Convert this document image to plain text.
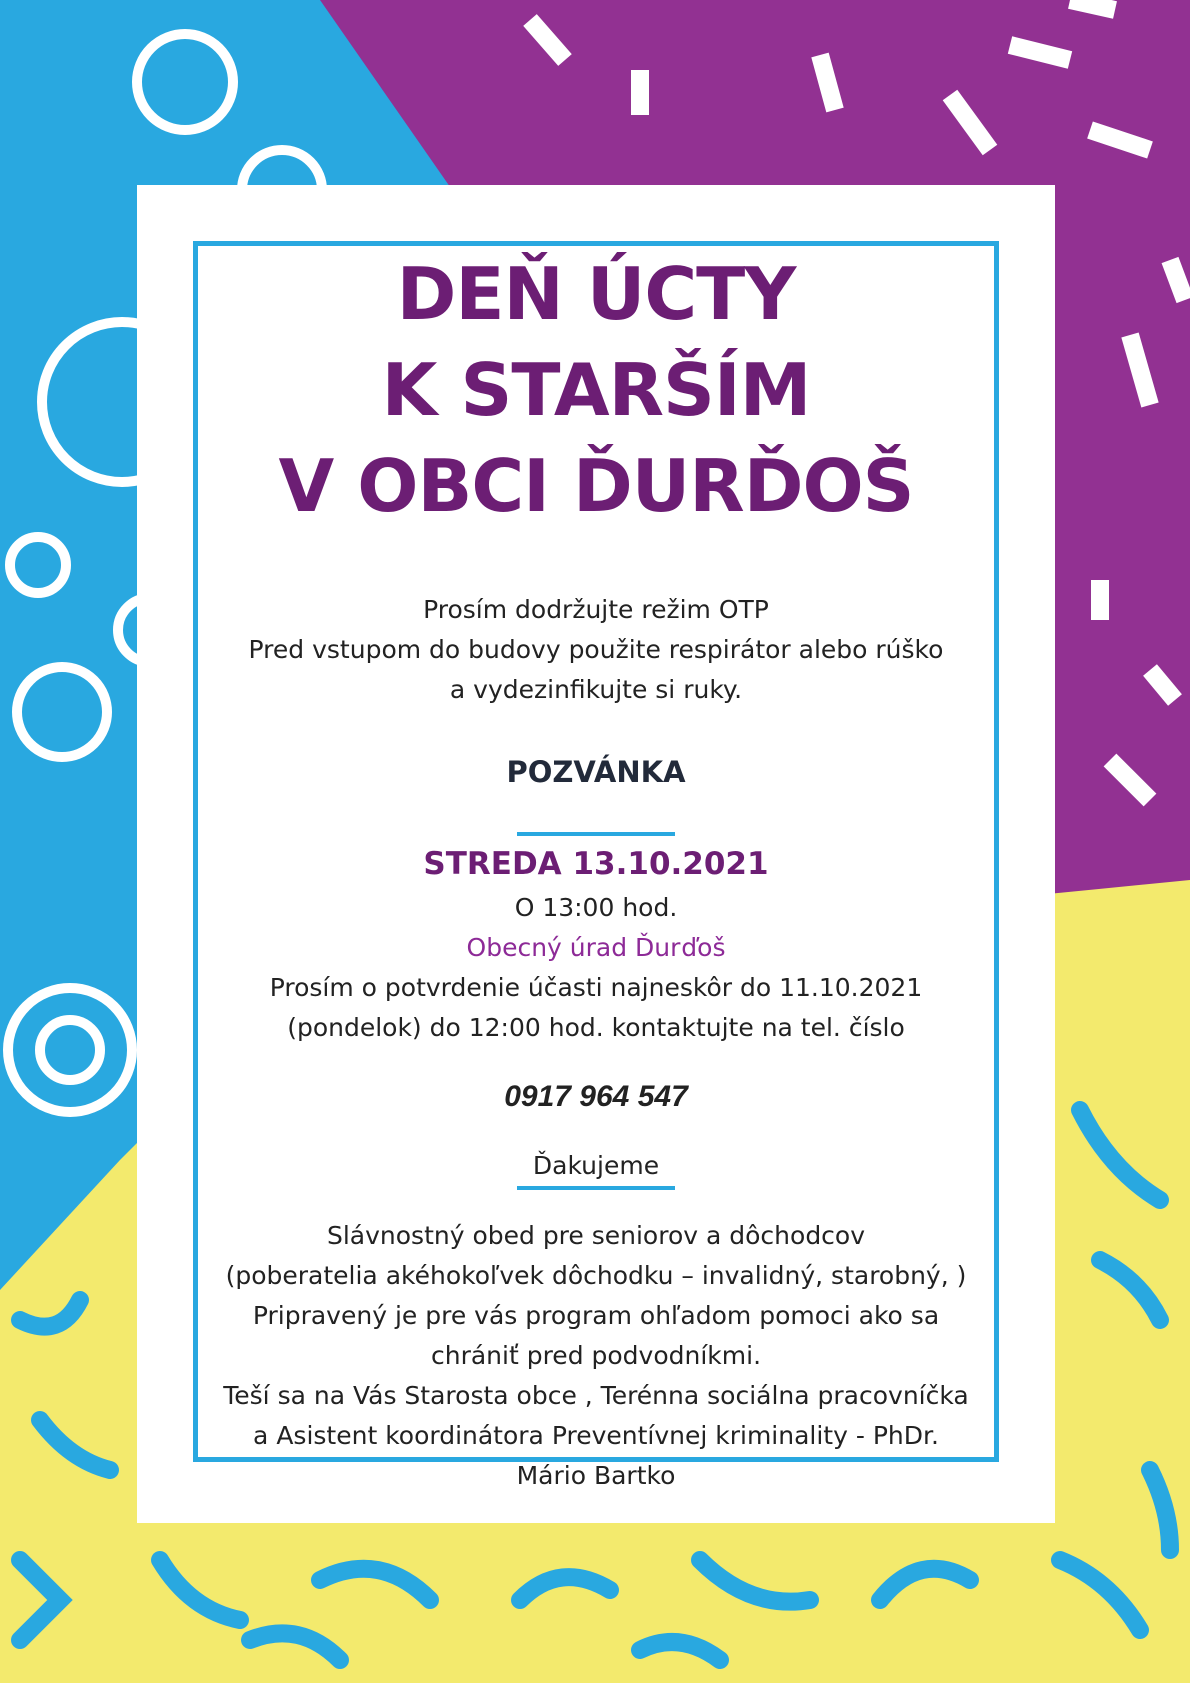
DEŇ ÚCTY
K STARŠÍM
V OBCI ĎURĎOŠ

Prosím dodržujte režim OTP

Pred vstupom do budovy použite respirátor alebo rúško

a vydezinfikujte si ruky.

POZVÁNKA
STREDA 13.10.2021

O 13:00 hod.

Obecný úrad Ďurďoš

Prosím o potvrdenie účasti najneskôr do 11.10.2021

(pondelok) do 12:00 hod. kontaktujte na tel. číslo

0917 964 547

Ďakujeme

Slávnostný obed pre seniorov a dôchodcov

(poberatelia akéhokoľvek dôchodku – invalidný, starobný, )

Pripravený je pre vás program ohľadom pomoci ako sa

chrániť pred podvodníkmi.

Teší sa na Vás Starosta obce , Terénna sociálna pracovníčka

a Asistent koordinátora Preventívnej kriminality - PhDr.

Mário Bartko
